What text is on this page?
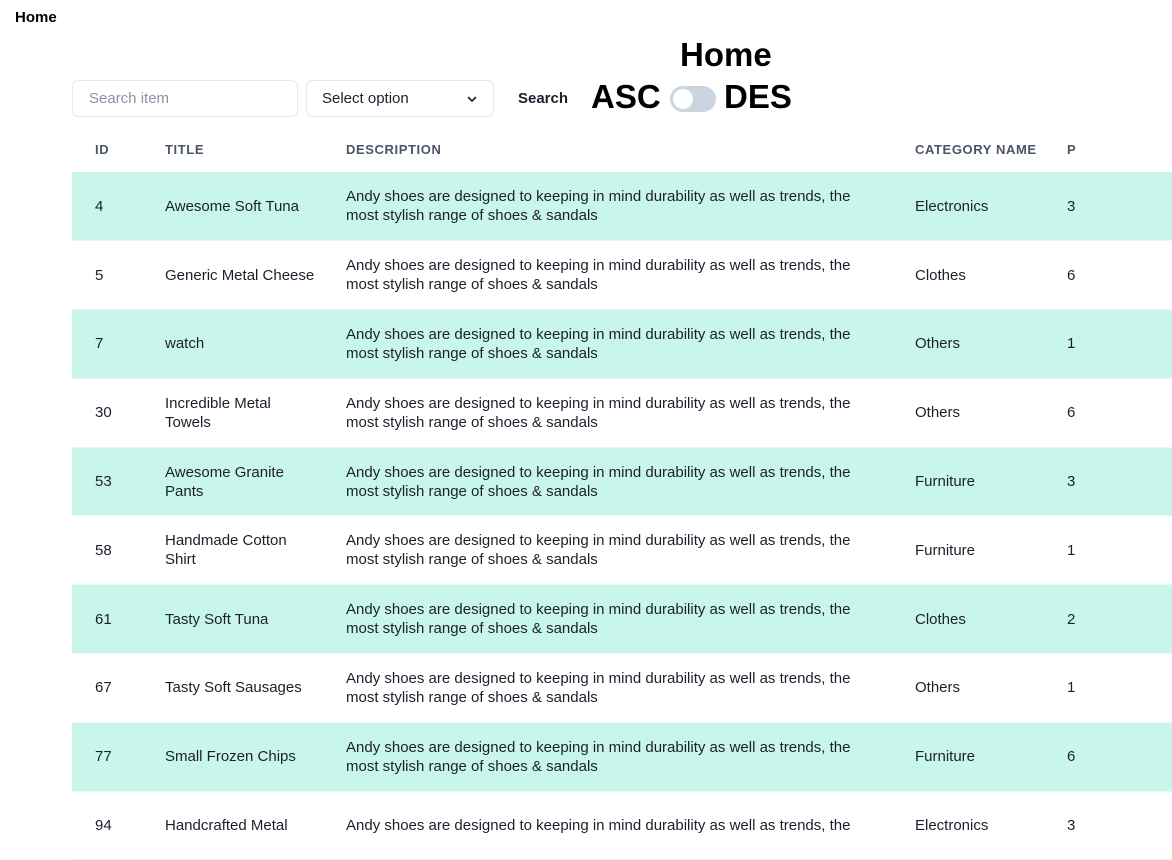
Home
Home
Search item
Select option	Search ASC DES
ID	TITLE	DESCRIPTION	CATEGORY NAME	P
4	Awesome Soft Tuna	Andy shoes are designed to keeping in mind durability as well as trends, the most stylish range of shoes & sandals	Electronics	3
5	Generic Metal Cheese	Andy shoes are designed to keeping in mind durability as well as trends, the most stylish range of shoes & sandals	Clothes	6
7	watch	Andy shoes are designed to keeping in mind durability as well as trends, the most stylish range of shoes & sandals	Others	1
30	Incredible Metal Towels	Andy shoes are designed to keeping in mind durability as well as trends, the most stylish range of shoes & sandals	Others	6
53	Awesome Granite Pants	Andy shoes are designed to keeping in mind durability as well as trends, the most stylish range of shoes & sandals	Furniture	3
58	Handmade Cotton Shirt	Andy shoes are designed to keeping in mind durability as well as trends, the most stylish range of shoes & sandals	Furniture	1
61	Tasty Soft Tuna	Andy shoes are designed to keeping in mind durability as well as trends, the most stylish range of shoes & sandals	Clothes	2
67	Tasty Soft Sausages	Andy shoes are designed to keeping in mind durability as well as trends, the most stylish range of shoes & sandals	Others	1
77	Small Frozen Chips	Andy shoes are designed to keeping in mind durability as well as trends, the most stylish range of shoes & sandals	Furniture	6
94	Handcrafted Metal	Andy shoes are designed to keeping in mind durability as well as trends, the	Electronics	3
